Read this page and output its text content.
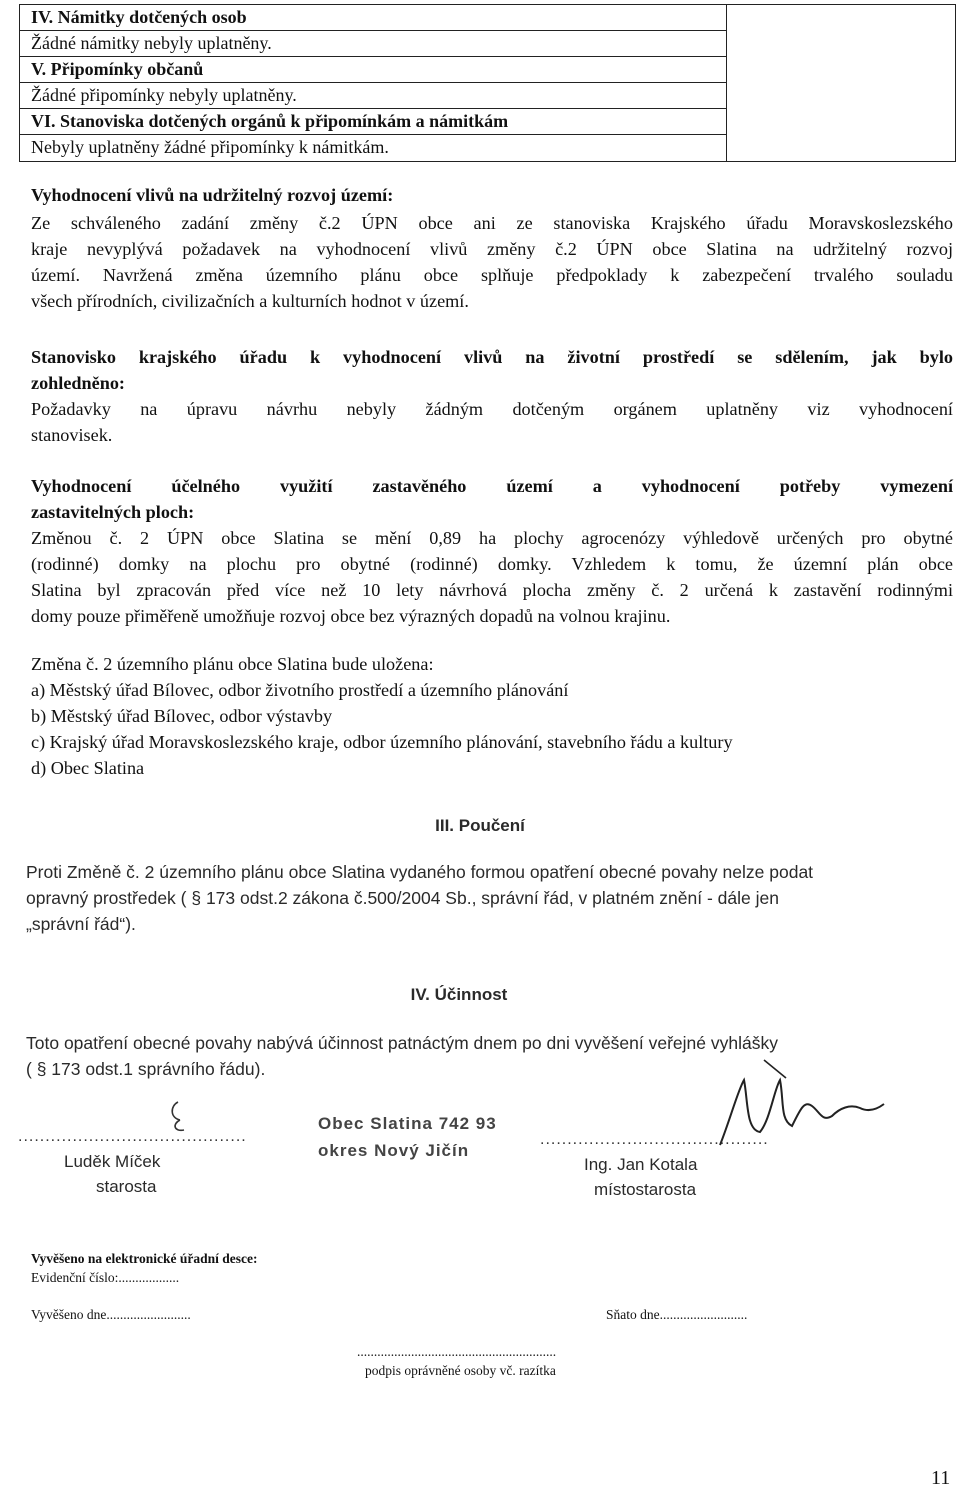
IV. Námitky dotčených osob
Žádné námitky nebyly uplatněny.
V. Připomínky občanů
Žádné připomínky nebyly uplatněny.
VI. Stanoviska dotčených orgánů k připomínkám a námitkám
Nebyly uplatněny žádné připomínky k námitkám.
Vyhodnocení vlivů na udržitelný rozvoj území:
Ze schváleného zadání změny č.2 ÚPN obce ani ze stanoviska Krajského úřadu Moravskoslezského
kraje nevyplývá požadavek na vyhodnocení vlivů změny č.2 ÚPN obce Slatina na udržitelný rozvoj
území. Navržená změna územního plánu obce splňuje předpoklady k zabezpečení trvalého souladu
všech přírodních, civilizačních a kulturních hodnot v území.
Stanovisko krajského úřadu k vyhodnocení vlivů na životní prostředí se sdělením, jak bylo
zohledněno:
Požadavky na úpravu návrhu nebyly žádným dotčeným orgánem uplatněny viz vyhodnocení
stanovisek.
Vyhodnocení účelného využití zastavěného území a vyhodnocení potřeby vymezení
zastavitelných ploch:
Změnou č. 2 ÚPN obce Slatina se mění 0,89 ha plochy agrocenózy výhledově určených pro obytné
(rodinné) domky na plochu pro obytné (rodinné) domky. Vzhledem k tomu, že územní plán obce
Slatina byl zpracován před více než 10 lety návrhová plocha změny č. 2 určená k zastavění rodinnými
domy pouze přiměřeně umožňuje rozvoj obce bez výrazných dopadů na volnou krajinu.
Změna č. 2 územního plánu obce Slatina bude uložena:
a) Městský úřad Bílovec, odbor životního prostředí a územního plánování
b) Městský úřad Bílovec, odbor výstavby
c) Krajský úřad Moravskoslezského kraje, odbor územního plánování, stavebního řádu a kultury
d) Obec Slatina
III. Poučení
Proti Změně č. 2 územního plánu obce Slatina vydaného formou opatření obecné povahy nelze podat
opravný prostředek ( § 173 odst.2 zákona č.500/2004 Sb., správní řád, v platném znění - dále jen
„správní řád“).
IV. Účinnost
Toto opatření obecné povahy nabývá účinnost patnáctým dnem po dni vyvěšení veřejné vyhlášky
( § 173 odst.1 správního řádu).
..........................................
Luděk Míček
starosta
Obec Slatina 742 93
okres Nový Jičín
..........................................
Ing. Jan Kotala
místostarosta
Vyvěšeno na elektronické úřadní desce:
Evidenční číslo:..................
Vyvěšeno dne.........................	Sňato dne..........................
...........................................................
podpis oprávněné osoby vč. razítka
11
